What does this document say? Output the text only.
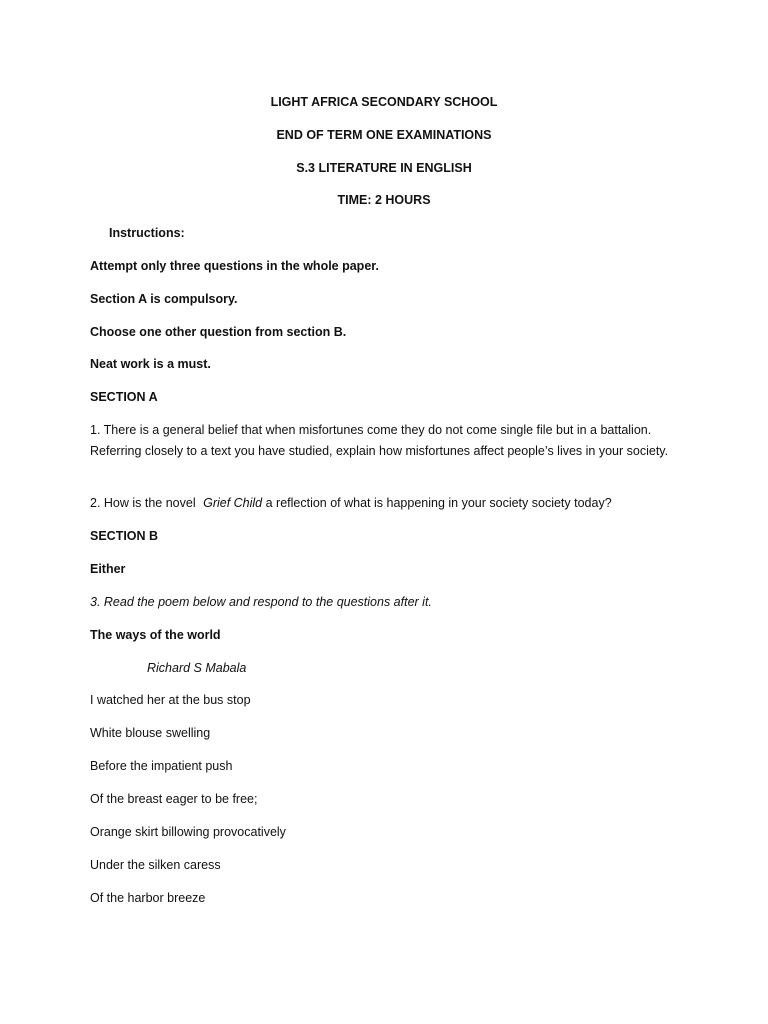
LIGHT AFRICA SECONDARY SCHOOL
END OF TERM ONE EXAMINATIONS
S.3 LITERATURE IN ENGLISH
TIME: 2 HOURS
Instructions:
Attempt only three questions in the whole paper.
Section A is compulsory.
Choose one other question from section B.
Neat work is a must.
SECTION A
1. There is a general belief that when misfortunes come they do not come single file but in a battalion. Referring closely to a text you have studied, explain how misfortunes affect people’s lives in your society.
2. How is the novel Grief Child a reflection of what is happening in your society society today?
SECTION B
Either
3. Read the poem below and respond to the questions after it.
The ways of the world
Richard S Mabala
I watched her at the bus stop
White blouse swelling
Before the impatient push
Of the breast eager to be free;
Orange skirt billowing provocatively
Under the silken caress
Of the harbor breeze
